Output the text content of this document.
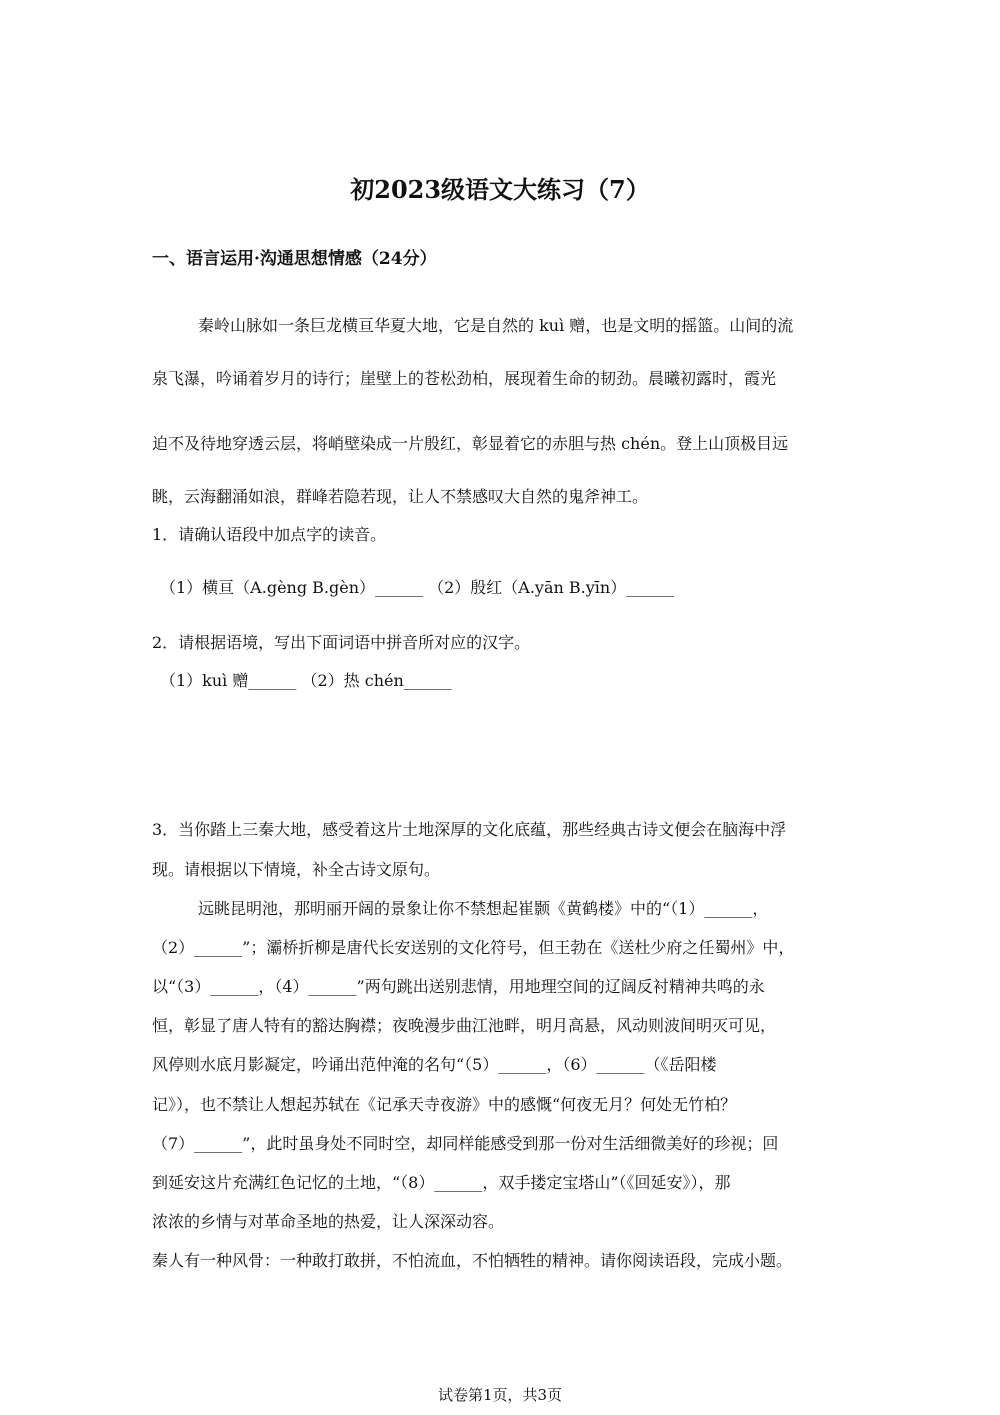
初2023级语文大练习（7）
一、语言运用·沟通思想情感（24分）
秦岭山脉如一条巨龙横亘华夏大地，它是自然的 kuì 赠，也是文明的摇篮。山间的流
泉飞瀑，吟诵着岁月的诗行；崖壁上的苍松劲柏，展现着生命的韧劲。晨曦初露时，霞光
迫不及待地穿透云层，将峭壁染成一片殷红，彰显着它的赤胆与热 chén。登上山顶极目远
眺，云海翻涌如浪，群峰若隐若现，让人不禁感叹大自然的鬼斧神工。
1．请确认语段中加点字的读音。
（1）横亘（A.gèng B.gèn）______ （2）殷红（A.yān B.yīn）______
2．请根据语境，写出下面词语中拼音所对应的汉字。
（1）kuì 赠______ （2）热 chén______
3．当你踏上三秦大地，感受着这片土地深厚的文化底蕴，那些经典古诗文便会在脑海中浮
现。请根据以下情境，补全古诗文原句。
远眺昆明池，那明丽开阔的景象让你不禁想起崔颢《黄鹤楼》中的“（1）______，
（2）______”；灞桥折柳是唐代长安送别的文化符号，但王勃在《送杜少府之任蜀州》中，
以“（3）______，（4）______”两句跳出送别悲情，用地理空间的辽阔反衬精神共鸣的永
恒，彰显了唐人特有的豁达胸襟；夜晚漫步曲江池畔，明月高悬，风动则波间明灭可见，
风停则水底月影凝定，吟诵出范仲淹的名句“（5）______，（6）______（《岳阳楼
记》），也不禁让人想起苏轼在《记承天寺夜游》中的感慨“何夜无月？何处无竹柏？
（7）______”，此时虽身处不同时空，却同样能感受到那一份对生活细微美好的珍视；回
到延安这片充满红色记忆的土地，“（8）______，双手搂定宝塔山”（《回延安》），那
浓浓的乡情与对革命圣地的热爱，让人深深动容。
秦人有一种风骨：一种敢打敢拼，不怕流血，不怕牺牲的精神。请你阅读语段，完成小题。
试卷第1页，共3页
